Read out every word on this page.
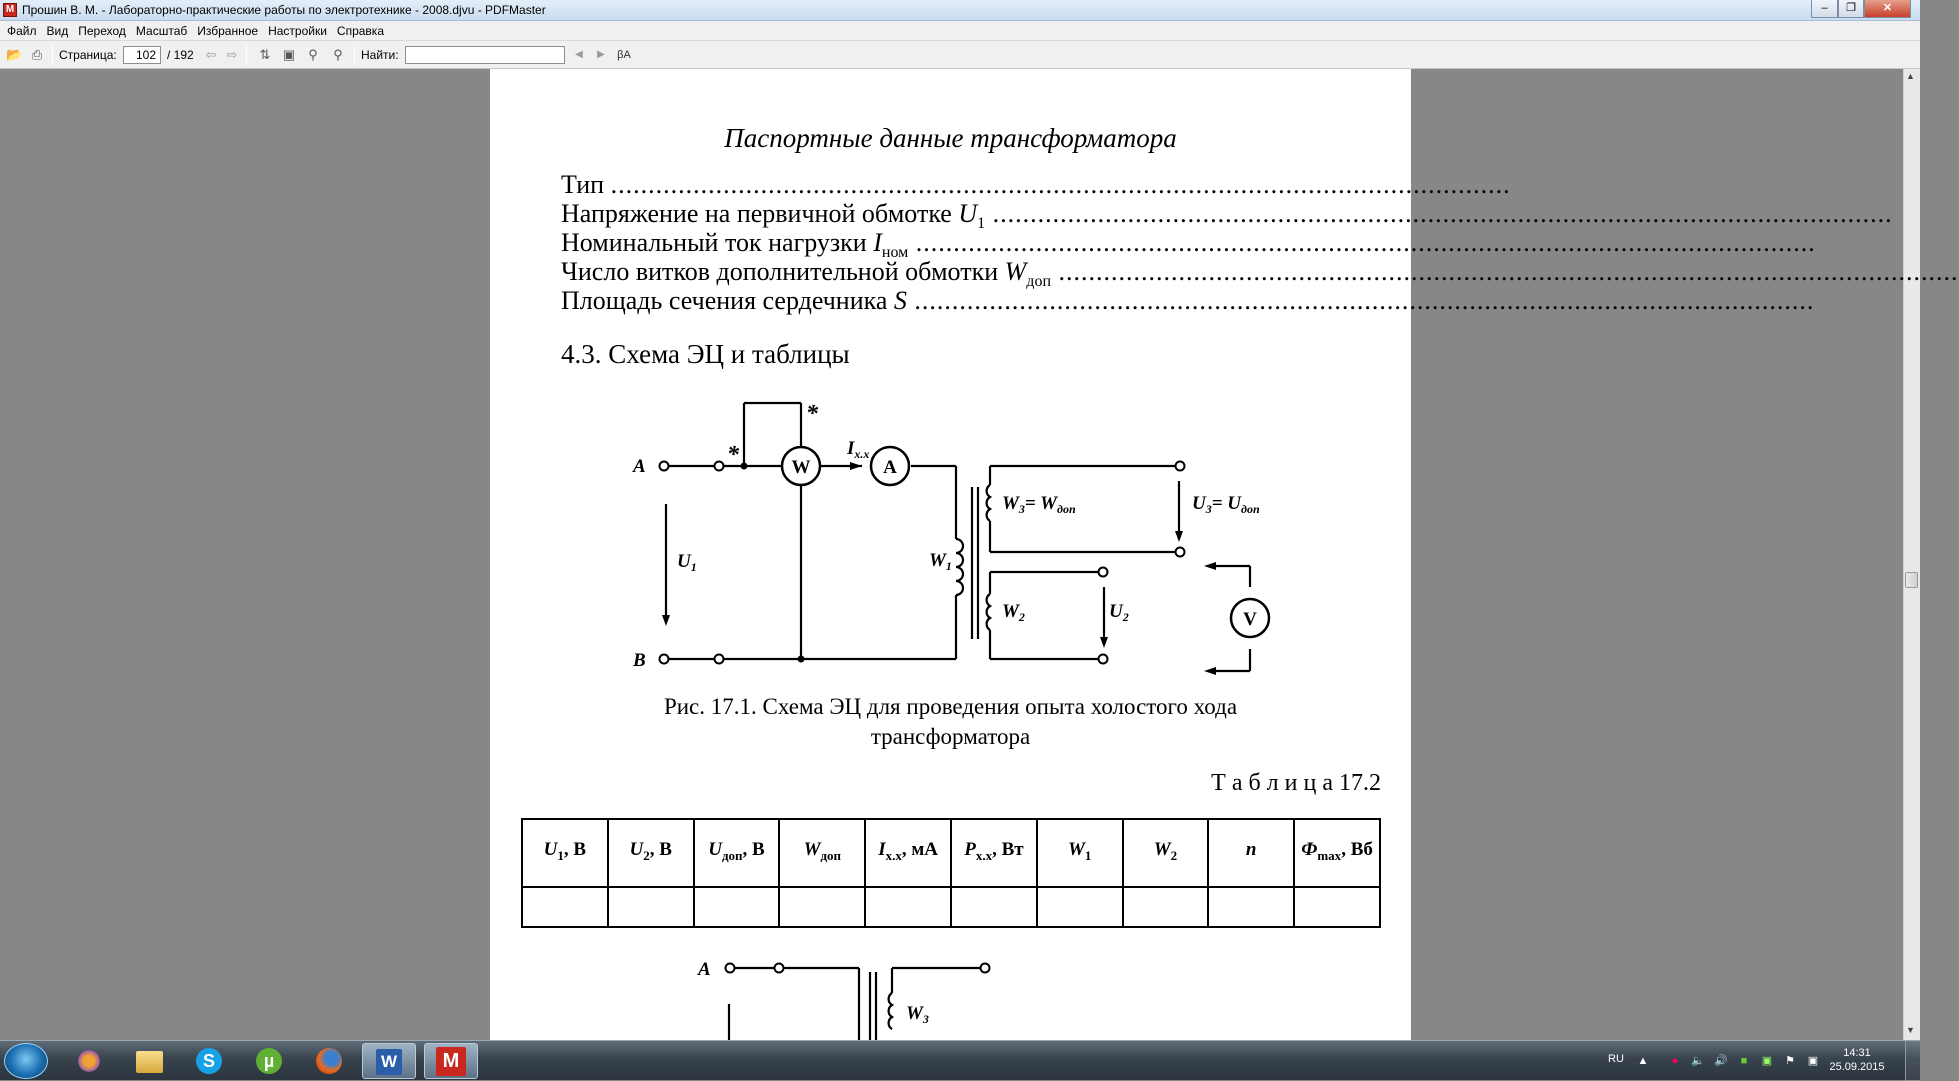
M Прошин В. М. - Лабораторно-практические работы по электротехнике - 2008.djvu - PDFMaster	–	❐	✕
Файл Вид Переход Масштаб Избранное Настройки Справка
📂 ⎙ Страница:
102	/ 192 ⇦ ⇨ ⇅ ▣ ⚲ ⚲ Найти:	◀	▶	βA
▲
▼
Паспортные данные трансформатора
Тип ........................................................................................................................
Напряжение на первичной обмотке $U_1$ ........................................................................................................................
Номинальный ток нагрузки $I_{ном}$ ........................................................................................................................
Число витков дополнительной обмотки $W_{доп}$ ........................................................................................................................
Площадь сечения сердечника S ........................................................................................................................
4.3. Схема ЭЦ и таблицы
W	A
V
A
B
*
*
$I_{х.х}$
$U_1$	$W_1$
$W_3= W_{доп}$
$W_2$	$U_2$
$U_3= U_{доп}$
A
$W_3$
Рис. 17.1. Схема ЭЦ для проведения опыта холостого хода
трансформатора
Т а б л и ц а 17.2
$U_1$, В	$U_2$, В	$U_{доп}$, В	$W_{доп}$	$I_{х.х}$, мА	$P_{х.х}$, Вт	$W_1$	$W_2$	n	$Ф_{max}$, Вб

S	µ	W	M	RU ▲	●	🔈 🔊	■	▣ ⚑ ▣
14:31
25.09.2015
